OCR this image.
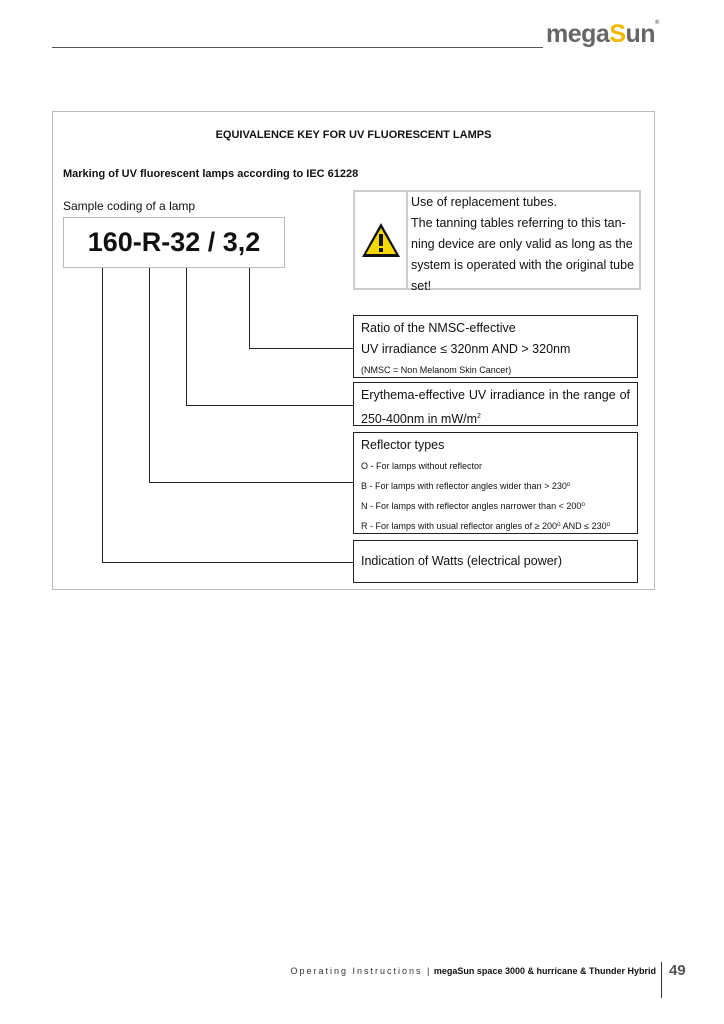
megaSun®
EQUIVALENCE KEY FOR UV FLUORESCENT LAMPS
Marking of UV fluorescent lamps according to IEC 61228
Sample coding of a lamp
160-R-32 / 3,2
Use of replacement tubes.
The tanning tables referring to this tan-
ning device are only valid as long as the
system is operated with the original tube
set!
Ratio of the NMSC-effective
UV irradiance ≤ 320nm AND > 320nm
(NMSC = Non Melanom Skin Cancer)
Erythema-effective UV irradiance in the range of
250-400nm in $mW/m^2$
Reflector types
O - For lamps without reflector
B - For lamps with reflector angles wider than > 230⁰
N - For lamps with reflector angles narrower than < 200⁰
R - For lamps with usual reflector angles of ≥ 200⁰ AND ≤ 230⁰
Indication of Watts (electrical power)
Operating Instructions | megaSun space 3000 & hurricane & Thunder Hybrid 49
